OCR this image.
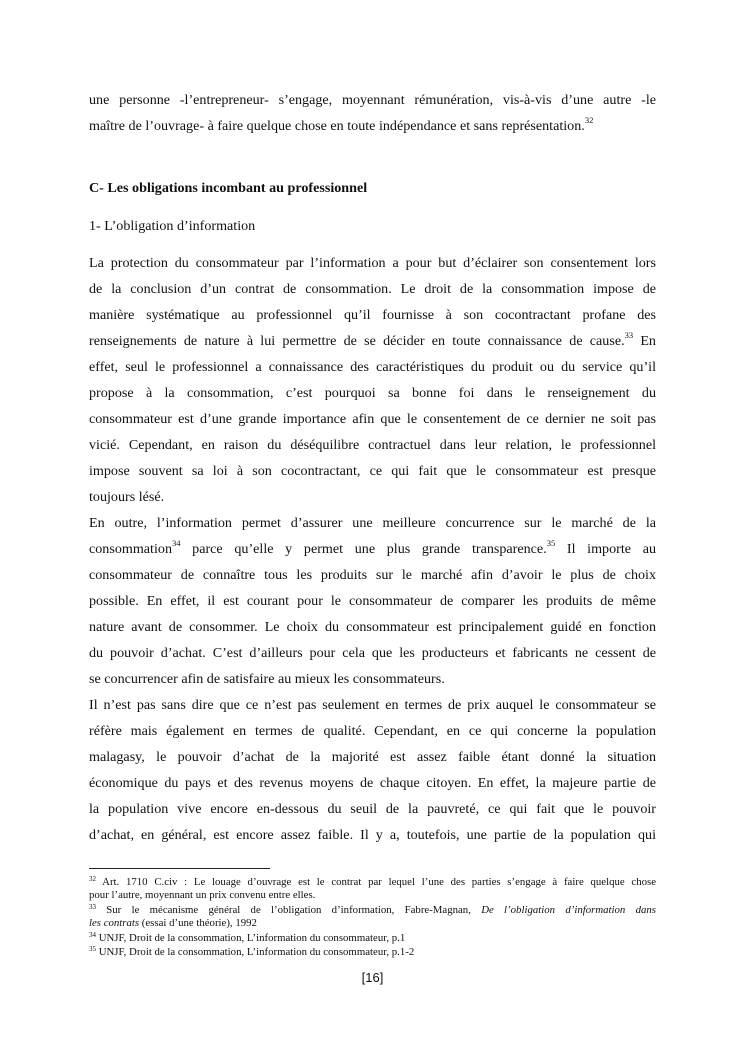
une personne -l’entrepreneur- s’engage, moyennant rémunération, vis-à-vis d’une autre -le
maître de l’ouvrage- à faire quelque chose en toute indépendance et sans représentation.$^{32}$
C- Les obligations incombant au professionnel
1- L’obligation d’information
La protection du consommateur par l’information a pour but d’éclairer son consentement lors
de la conclusion d’un contrat de consommation. Le droit de la consommation impose de
manière systématique au professionnel qu’il fournisse à son cocontractant profane des
renseignements de nature à lui permettre de se décider en toute connaissance de cause.$^{33}$ En
effet, seul le professionnel a connaissance des caractéristiques du produit ou du service qu’il
propose à la consommation, c’est pourquoi sa bonne foi dans le renseignement du
consommateur est d’une grande importance afin que le consentement de ce dernier ne soit pas
vicié. Cependant, en raison du déséquilibre contractuel dans leur relation, le professionnel
impose souvent sa loi à son cocontractant, ce qui fait que le consommateur est presque
toujours lésé.
En outre, l’information permet d’assurer une meilleure concurrence sur le marché de la
consommation$^{34}$ parce qu’elle y permet une plus grande transparence.$^{35}$ Il importe au
consommateur de connaître tous les produits sur le marché afin d’avoir le plus de choix
possible. En effet, il est courant pour le consommateur de comparer les produits de même
nature avant de consommer. Le choix du consommateur est principalement guidé en fonction
du pouvoir d’achat. C’est d’ailleurs pour cela que les producteurs et fabricants ne cessent de
se concurrencer afin de satisfaire au mieux les consommateurs.
Il n’est pas sans dire que ce n’est pas seulement en termes de prix auquel le consommateur se
réfère mais également en termes de qualité. Cependant, en ce qui concerne la population
malagasy, le pouvoir d’achat de la majorité est assez faible étant donné la situation
économique du pays et des revenus moyens de chaque citoyen. En effet, la majeure partie de
la population vive encore en-dessous du seuil de la pauvreté, ce qui fait que le pouvoir
d’achat, en général, est encore assez faible. Il y a, toutefois, une partie de la population qui
$^{32}$ Art. 1710 C.civ : Le louage d’ouvrage est le contrat par lequel l’une des parties s’engage à faire quelque chose
pour l’autre, moyennant un prix convenu entre elles.
$^{33}$ Sur le mécanisme général de l’obligation d’information, Fabre-Magnan, De l’obligation d’information dans
les contrats (essai d’une théorie), 1992
$^{34}$ UNJF, Droit de la consommation, L’information du consommateur, p.1
$^{35}$ UNJF, Droit de la consommation, L’information du consommateur, p.1-2
[16]
